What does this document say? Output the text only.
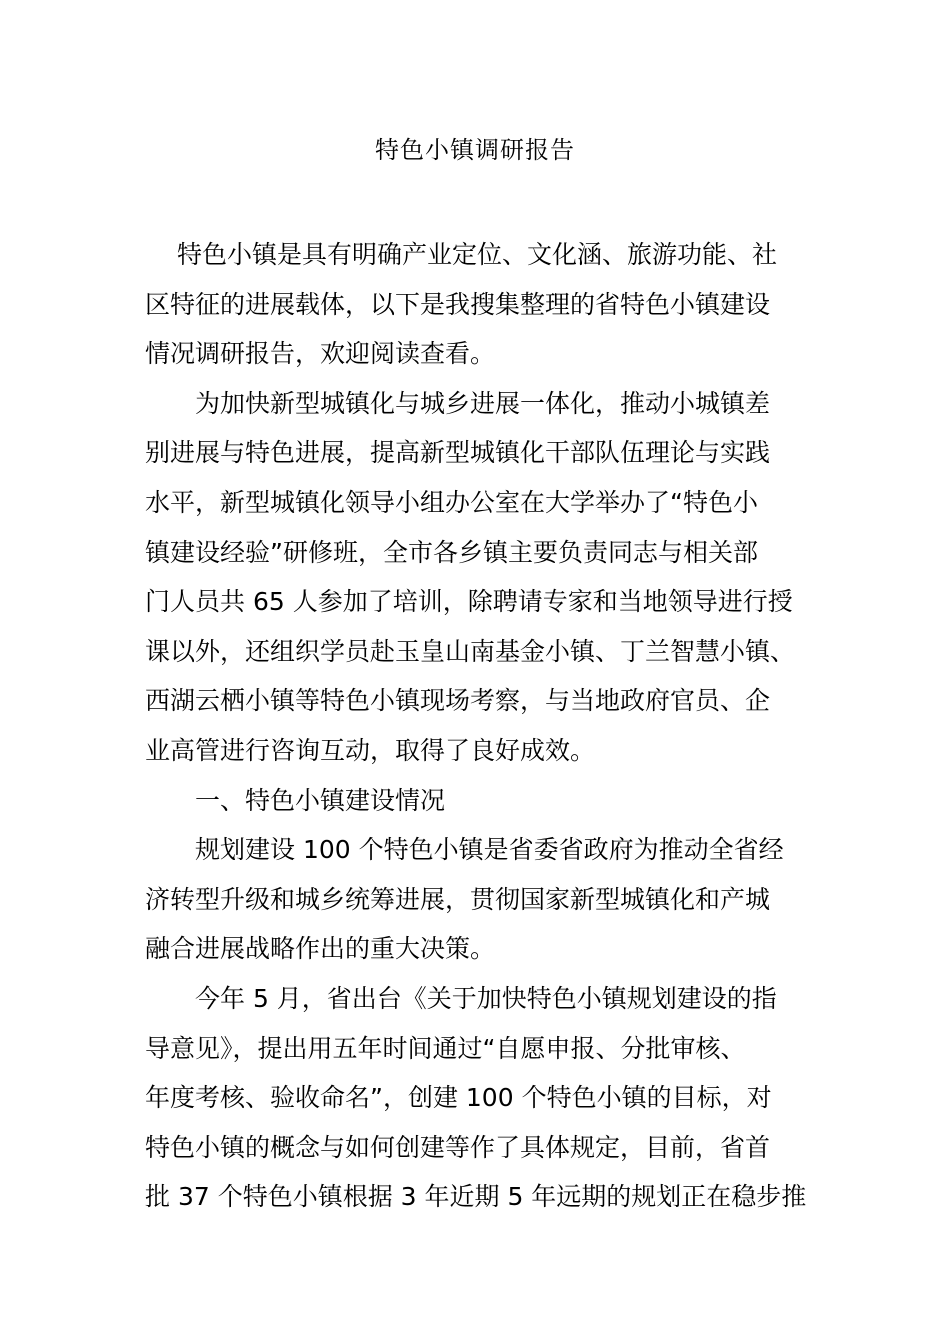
特色小镇调研报告
特色小镇是具有明确产业定位、文化涵、旅游功能、社
区特征的进展载体，以下是我搜集整理的省特色小镇建设
情况调研报告，欢迎阅读查看。
为加快新型城镇化与城乡进展一体化，推动小城镇差
别进展与特色进展，提高新型城镇化干部队伍理论与实践
水平，新型城镇化领导小组办公室在大学举办了“特色小
镇建设经验”研修班，全市各乡镇主要负责同志与相关部
门人员共 65 人参加了培训，除聘请专家和当地领导进行授
课以外，还组织学员赴玉皇山南基金小镇、丁兰智慧小镇、
西湖云栖小镇等特色小镇现场考察，与当地政府官员、企
业高管进行咨询互动，取得了良好成效。
一、特色小镇建设情况
规划建设 100 个特色小镇是省委省政府为推动全省经
济转型升级和城乡统筹进展，贯彻国家新型城镇化和产城
融合进展战略作出的重大决策。
今年 5 月，省出台《关于加快特色小镇规划建设的指
导意见》，提出用五年时间通过“自愿申报、分批审核、
年度考核、验收命名”，创建 100 个特色小镇的目标，对
特色小镇的概念与如何创建等作了具体规定，目前，省首
批 37 个特色小镇根据 3 年近期 5 年远期的规划正在稳步推
